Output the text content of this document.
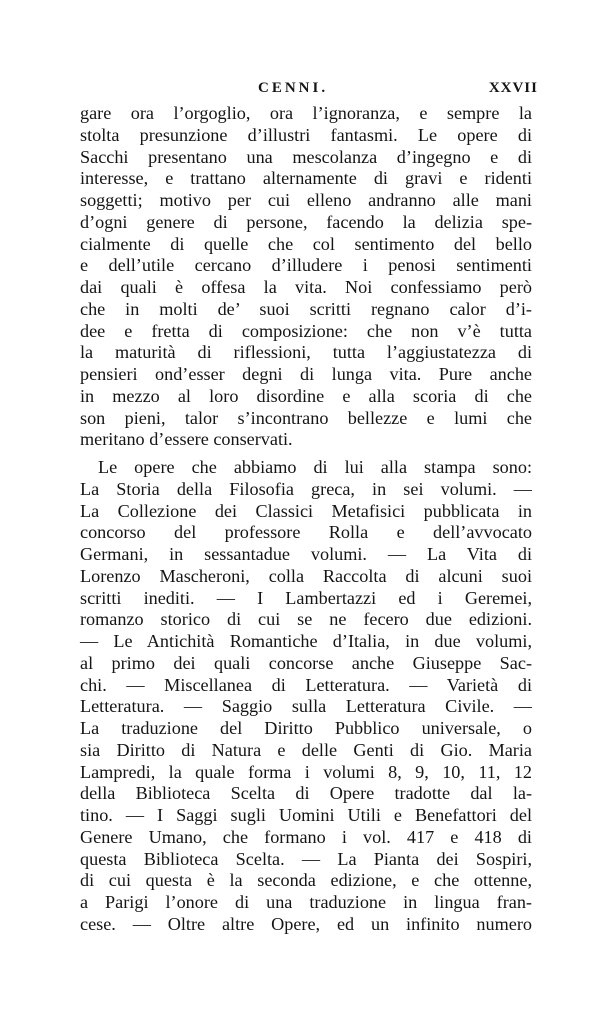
CENNI.	XXVII
gare ora l’orgoglio, ora l’ignoranza, e sempre la
stolta presunzione d’illustri fantasmi. Le opere di
Sacchi presentano una mescolanza d’ingegno e di
interesse, e trattano alternamente di gravi e ridenti
soggetti; motivo per cui elleno andranno alle mani
d’ogni genere di persone, facendo la delizia spe-
cialmente di quelle che col sentimento del bello
e dell’utile cercano d’illudere i penosi sentimenti
dai quali è offesa la vita. Noi confessiamo però
che in molti de’ suoi scritti regnano calor d’i-
dee e fretta di composizione: che non v’è tutta
la maturità di riflessioni, tutta l’aggiustatezza di
pensieri ond’esser degni di lunga vita. Pure anche
in mezzo al loro disordine e alla scoria di che
son pieni, talor s’incontrano bellezze e lumi che
meritano d’essere conservati.
Le opere che abbiamo di lui alla stampa sono:
La Storia della Filosofia greca, in sei volumi. —
La Collezione dei Classici Metafisici pubblicata in
concorso del professore Rolla e dell’avvocato
Germani, in sessantadue volumi. — La Vita di
Lorenzo Mascheroni, colla Raccolta di alcuni suoi
scritti inediti. — I Lambertazzi ed i Geremei,
romanzo storico di cui se ne fecero due edizioni.
— Le Antichità Romantiche d’Italia, in due volumi,
al primo dei quali concorse anche Giuseppe Sac-
chi. — Miscellanea di Letteratura. — Varietà di
Letteratura. — Saggio sulla Letteratura Civile. —
La traduzione del Diritto Pubblico universale, o
sia Diritto di Natura e delle Genti di Gio. Maria
Lampredi, la quale forma i volumi 8, 9, 10, 11, 12
della Biblioteca Scelta di Opere tradotte dal la-
tino. — I Saggi sugli Uomini Utili e Benefattori del
Genere Umano, che formano i vol. 417 e 418 di
questa Biblioteca Scelta. — La Pianta dei Sospiri,
di cui questa è la seconda edizione, e che ottenne,
a Parigi l’onore di una traduzione in lingua fran-
cese. — Oltre altre Opere, ed un infinito numero
